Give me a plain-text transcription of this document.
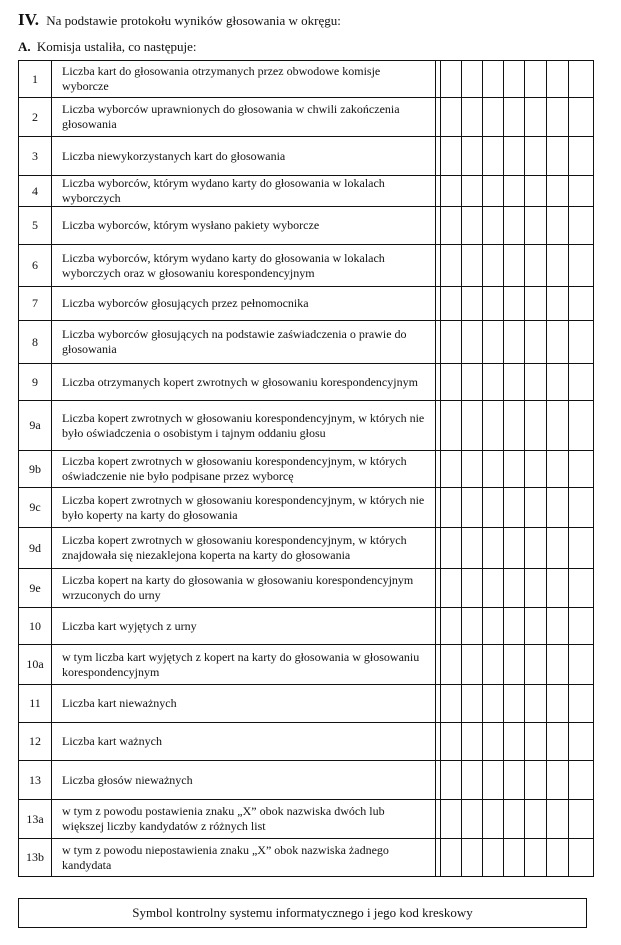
IV. Na podstawie protokołu wyników głosowania w okręgu:
A. Komisja ustaliła, co następuje:
1	Liczba kart do głosowania otrzymanych przez obwodowe komisje wyborcze								
2	Liczba wyborców uprawnionych do głosowania w chwili zakończenia głosowania								
3	Liczba niewykorzystanych kart do głosowania								
4	Liczba wyborców, którym wydano karty do głosowania w lokalach wyborczych								
5	Liczba wyborców, którym wysłano pakiety wyborcze								
6	Liczba wyborców, którym wydano karty do głosowania w lokalach wyborczych oraz w głosowaniu korespondencyjnym								
7	Liczba wyborców głosujących przez pełnomocnika								
8	Liczba wyborców głosujących na podstawie zaświadczenia o prawie do głosowania								
9	Liczba otrzymanych kopert zwrotnych w głosowaniu korespondencyjnym								
9a	Liczba kopert zwrotnych w głosowaniu korespondencyjnym, w których nie było oświadczenia o osobistym i tajnym oddaniu głosu								
9b	Liczba kopert zwrotnych w głosowaniu korespondencyjnym, w których oświadczenie nie było podpisane przez wyborcę								
9c	Liczba kopert zwrotnych w głosowaniu korespondencyjnym, w których nie było koperty na karty do głosowania								
9d	Liczba kopert zwrotnych w głosowaniu korespondencyjnym, w których znajdowała się niezaklejona koperta na karty do głosowania								
9e	Liczba kopert na karty do głosowania w głosowaniu korespondencyjnym wrzuconych do urny								
10	Liczba kart wyjętych z urny								
10a	w tym liczba kart wyjętych z kopert na karty do głosowania w głosowaniu korespondencyjnym								
11	Liczba kart nieważnych								
12	Liczba kart ważnych								
13	Liczba głosów nieważnych								
13a	w tym z powodu postawienia znaku „X” obok nazwiska dwóch lub większej liczby kandydatów z różnych list								
13b	w tym z powodu niepostawienia znaku „X” obok nazwiska żadnego kandydata								
Symbol kontrolny systemu informatycznego i jego kod kreskowy
